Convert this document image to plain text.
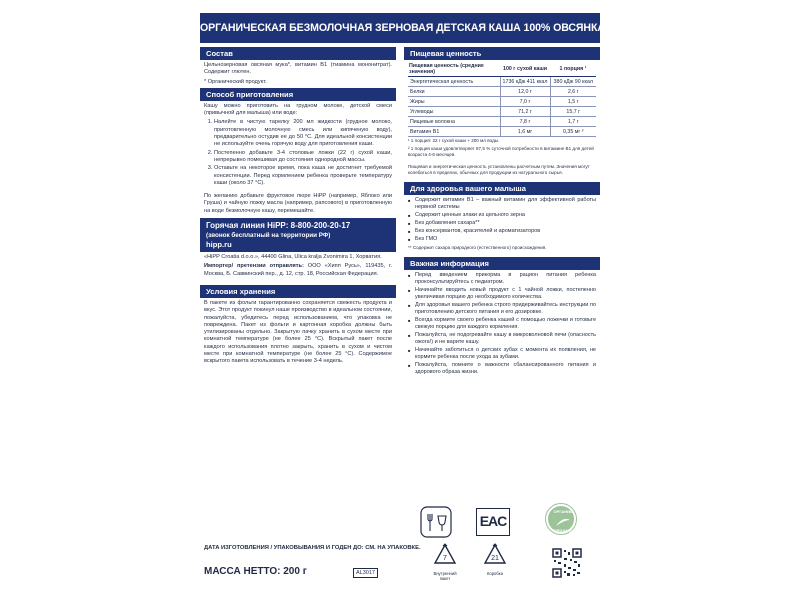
ОРГАНИЧЕСКАЯ БЕЗМОЛОЧНАЯ ЗЕРНОВАЯ ДЕТСКАЯ КАША 100% ОВСЯНКА, С 4-Х МЕСЯЦЕВ.
Состав

Цельнозерновая овсяная мука*, витамин B1 (тиамина мононитрат). Содержит глютен.

* Органический продукт.

Способ приготовления

Кашу можно приготовить на грудном молоке, детской смеси (привычной для малыша) или воде:

1. Налейте в чистую тарелку 200 мл жидкости (грудное молоко, приготовленную молочную смесь или кипяченую воду), предварительно остудив ее до 50 °С. Для идеальной консистенции не используйте очень горячую воду для приготовления каши.
2. Постепенно добавьте 3-4 столовые ложки (22 г) сухой каши, непрерывно помешивая до состояния однородной массы.
3. Оставьте на некоторое время, пока каша не достигнет требуемой консистенции. Перед кормлением ребенка проверьте температуру каши (около 37 °С).

По желанию добавьте фруктовое пюре HiPP (например, Яблоко или Груша) и чайную ложку масла (например, рапсового) в приготовленную на воде безмолочную кашу, перемешайте.

Горячая линия HiPP: 8-800-200-20-17
(звонок бесплатный на территории РФ)
hipp.ru

«HiPP Croatia d.o.o.», 44400 Glina, Ulica kralja Zvonimira 1, Хорватия.

Импортер/ претензии отправлять: ООО «Хипп Русь», 119435, г. Москва, Б. Саввинский пер., д. 12, стр. 18, Российская Федерация.

Условия хранения

В пакете из фольги гарантированно сохраняется свежесть продукта и вкус. Этот продукт покинул наше производство в идеальном состоянии, пожалуйста, убедитесь перед использованием, что упаковка не повреждена. Пакет из фольги и картонная коробка должны быть утилизированы отдельно. Закрытую пачку хранить в сухом месте при комнатной температуре (не более 25 °С). Вскрытый пакет после каждого использования плотно закрыть, хранить в сухом и чистом месте при комнатной температуре (не более 25 °С). Содержимое вскрытого пакета использовать в течение 3-4 недель.

Пищевая ценность
Пищевая ценность (средние значения)	100 г сухой каши	1 порция ¹
Энергетическая ценность	1736 кДж 411 ккал	380 кДж 90 ккал
Белки	12,0 г	2,6 г
Жиры	7,0 г	1,5 г
Углеводы	71,2 г	15,7 г
Пищевые волокна	7,8 г	1,7 г
Витамин B1	1,6 мг	0,35 мг ²
¹ 1 порция: 22 г сухой каши + 200 мл воды.
² 1 порция каши удовлетворяет 87,5 % суточной потребности в витамине B1 для детей возраста 4-6 месяцев.
Пищевая и энергетическая ценность установлены расчетным путем. Значения могут колебаться в пределах, обычных для продукции из натурального сырья.
Для здоровья вашего малыша
■ Содержит витамин B1 – важный витамин для эффективной работы нервной системы
■ Содержит ценные злаки из цельного зерна
■ Без добавления сахара**
■ Без консервантов, красителей и ароматизаторов
■ Без ГМО
** Содержит сахара природного (естественного) происхождения.
Важная информация
■ Перед введением прикорма в рацион питания ребенка проконсультируйтесь с педиатром.
■ Начинайте вводить новый продукт с 1 чайной ложки, постепенно увеличивая порцию до необходимого количества.
■ Для здоровья вашего ребенка строго придерживайтесь инструкции по приготовлению детского питания и его дозировке.
■ Всегда кормите своего ребенка кашей с помощью ложечки и готовьте свежую порцию для каждого кормления.
■ Пожалуйста, не подогревайте кашу в микроволновой печи (опасность ожога!) и не варите кашу.
■ Начинайте заботиться о детских зубах с момента их появления, не кормите ребенка после ухода за зубами.
■ Пожалуйста, помните о важности сбалансированного питания и здорового образа жизни.
EAC
ОРГАНИК
ORGANIC
7
Внутренний пакет
21
Коробка
ДАТА ИЗГОТОВЛЕНИЯ / УПАКОВЫВАНИЯ И ГОДЕН ДО: СМ. НА УПАКОВКЕ.
МАССА НЕТТО: 200 г	AL3017
